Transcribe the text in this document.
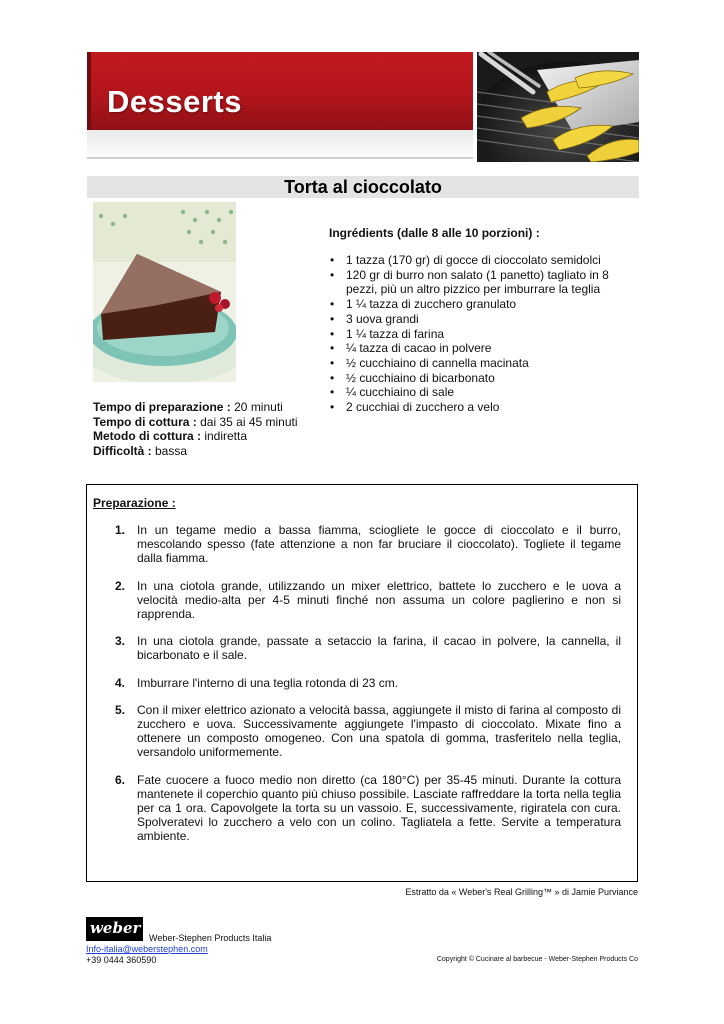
Desserts
Torta al cioccolato
Tempo di preparazione : 20 minuti
Tempo di cottura : dai 35 ai 45 minuti
Metodo di cottura : indiretta
Difficoltà : bassa
Ingrédients (dalle 8 alle 10 porzioni) :
• 1 tazza (170 gr) di gocce di cioccolato semidolci
• 120 gr di burro non salato (1 panetto) tagliato in 8 pezzi, più un altro pizzico per imburrare la teglia
• 1 ¼ tazza di zucchero granulato
• 3 uova grandi
• 1 ¼ tazza di farina
• ¼ tazza di cacao in polvere
• ½ cucchiaino di cannella macinata
• ½ cucchiaino di bicarbonato
• ¼ cucchiaino di sale
• 2 cucchiai di zucchero a velo
Preparazione :
1. In un tegame medio a bassa fiamma, sciogliete le gocce di cioccolato e il burro, mescolando spesso (fate attenzione a non far bruciare il cioccolato). Togliete il tegame dalla fiamma.
2. In una ciotola grande, utilizzando un mixer elettrico, battete lo zucchero e le uova a velocità medio-alta per 4-5 minuti finché non assuma un colore paglierino e non si rapprenda.
3. In una ciotola grande, passate a setaccio la farina, il cacao in polvere, la cannella, il bicarbonato e il sale.
4. Imburrare l'interno di una teglia rotonda di 23 cm.
5. Con il mixer elettrico azionato a velocità bassa, aggiungete il misto di farina al composto di zucchero e uova. Successivamente aggiungete l'impasto di cioccolato. Mixate fino a ottenere un composto omogeneo. Con una spatola di gomma, trasferitelo nella teglia, versandolo uniformemente.
6. Fate cuocere a fuoco medio non diretto (ca 180°C) per 35-45 minuti. Durante la cottura mantenete il coperchio quanto più chiuso possibile. Lasciate raffreddare la torta nella teglia per ca 1 ora. Capovolgete la torta su un vassoio. E, successivamente, rigiratela con cura. Spolveratevi lo zucchero a velo con un colino. Tagliatela a fette. Servite a temperatura ambiente.
Estratto da « Weber's Real Grilling™ » di Jamie Purviance
weber
Weber-Stephen Products Italia
Info-italia@weberstephen.com
+39 0444 360590	Copyright © Cucinare al barbecue - Weber-Stephen Products Co
